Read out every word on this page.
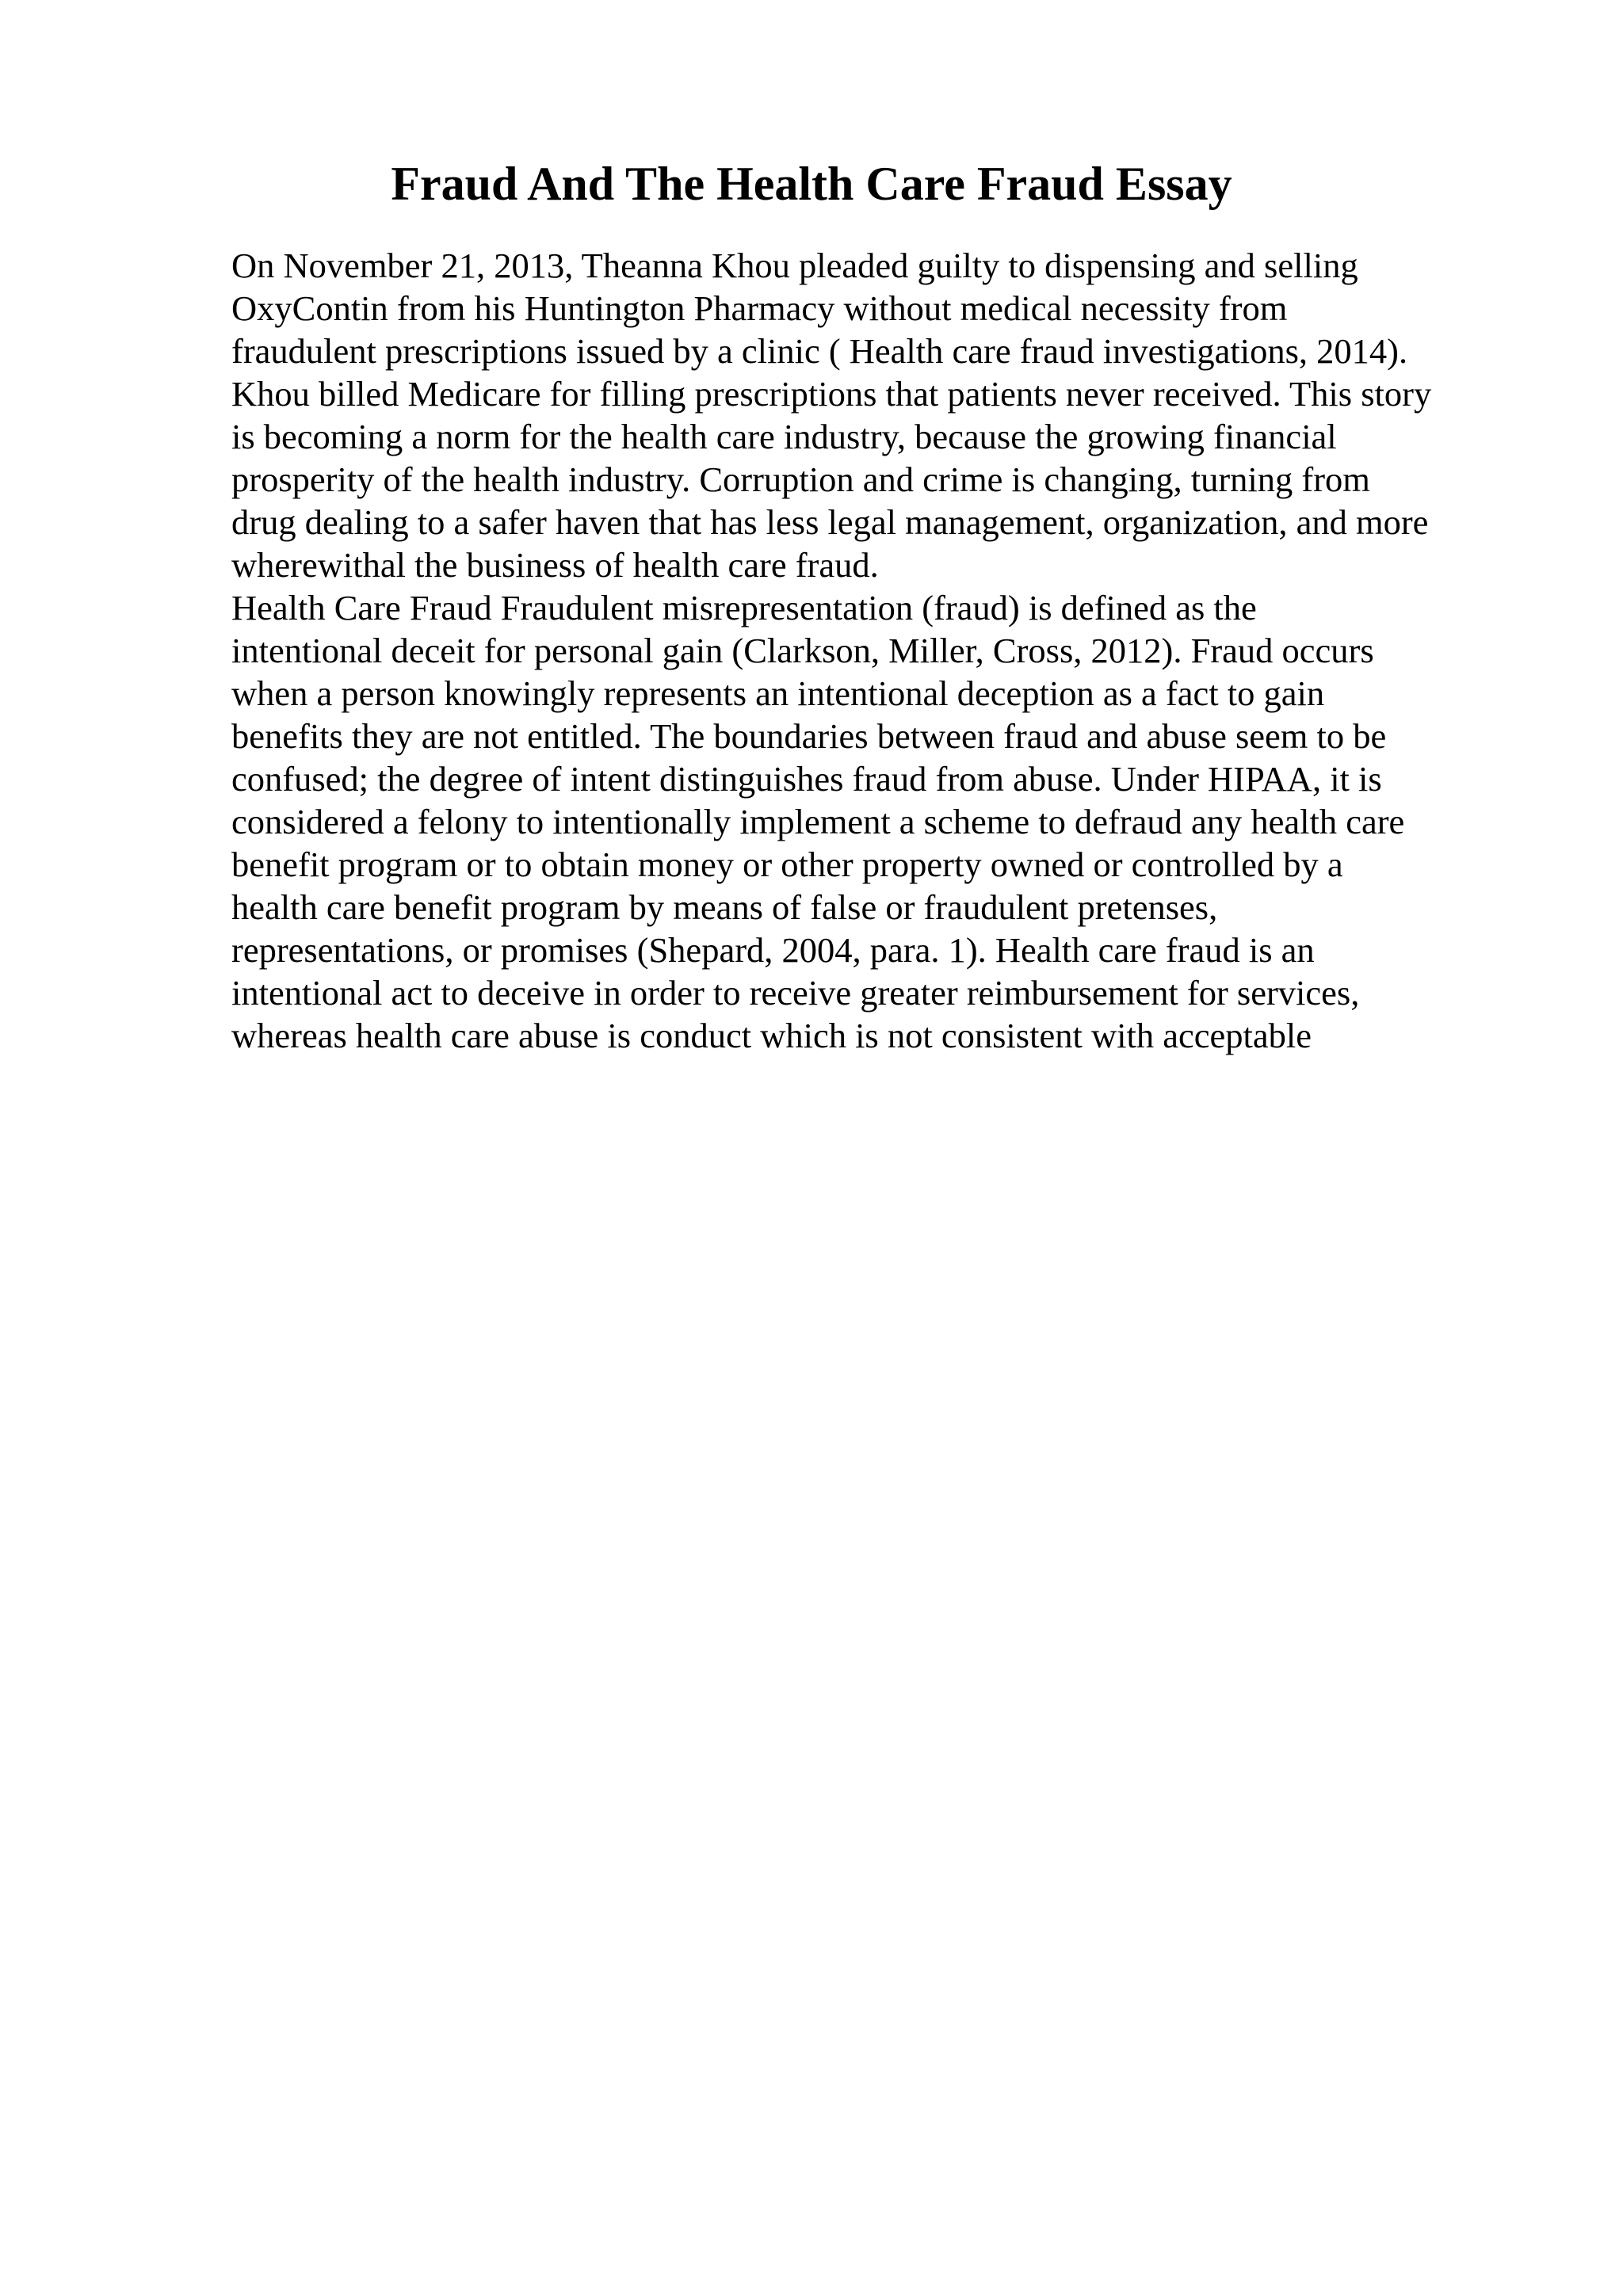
Fraud And The Health Care Fraud Essay
On November 21, 2013, Theanna Khou pleaded guilty to dispensing and selling
OxyContin from his Huntington Pharmacy without medical necessity from
fraudulent prescriptions issued by a clinic ( Health care fraud investigations, 2014).
Khou billed Medicare for filling prescriptions that patients never received. This story
is becoming a norm for the health care industry, because the growing financial
prosperity of the health industry. Corruption and crime is changing, turning from
drug dealing to a safer haven that has less legal management, organization, and more
wherewithal the business of health care fraud.
Health Care Fraud Fraudulent misrepresentation (fraud) is defined as the
intentional deceit for personal gain (Clarkson, Miller, Cross, 2012). Fraud occurs
when a person knowingly represents an intentional deception as a fact to gain
benefits they are not entitled. The boundaries between fraud and abuse seem to be
confused; the degree of intent distinguishes fraud from abuse. Under HIPAA, it is
considered a felony to intentionally implement a scheme to defraud any health care
benefit program or to obtain money or other property owned or controlled by a
health care benefit program by means of false or fraudulent pretenses,
representations, or promises (Shepard, 2004, para. 1). Health care fraud is an
intentional act to deceive in order to receive greater reimbursement for services,
whereas health care abuse is conduct which is not consistent with acceptable
